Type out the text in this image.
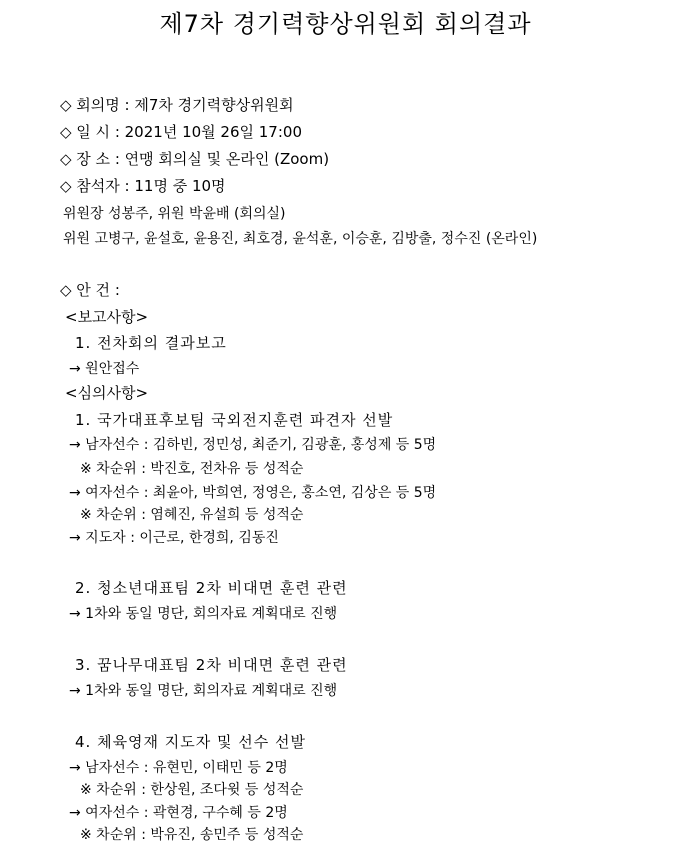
제7차 경기력향상위원회 회의결과
◇ 회의명 : 제7차 경기력향상위원회
◇ 일 시 : 2021년 10월 26일 17:00
◇ 장 소 : 연맹 회의실 및 온라인 (Zoom)
◇ 참석자 : 11명 중 10명
위원장 성봉주, 위원 박윤배 (회의실)
위원 고병구, 윤설호, 윤용진, 최호경, 윤석훈, 이승훈, 김방출, 정수진 (온라인)
◇ 안 건 :
<보고사항>
1. 전차회의 결과보고
→ 원안접수
<심의사항>
1. 국가대표후보팀 국외전지훈련 파견자 선발
→ 남자선수 : 김하빈, 정민성, 최준기, 김광훈, 홍성제 등 5명
※ 차순위 : 박진호, 전차유 등 성적순
→ 여자선수 : 최윤아, 박희연, 정영은, 홍소연, 김상은 등 5명
※ 차순위 : 염혜진, 유설희 등 성적순
→ 지도자 : 이근로, 한경희, 김동진
2. 청소년대표팀 2차 비대면 훈련 관련
→ 1차와 동일 명단, 회의자료 계획대로 진행
3. 꿈나무대표팀 2차 비대면 훈련 관련
→ 1차와 동일 명단, 회의자료 계획대로 진행
4. 체육영재 지도자 및 선수 선발
→ 남자선수 : 유현민, 이태민 등 2명
※ 차순위 : 한상원, 조다윗 등 성적순
→ 여자선수 : 곽현경, 구수혜 등 2명
※ 차순위 : 박유진, 송민주 등 성적순
